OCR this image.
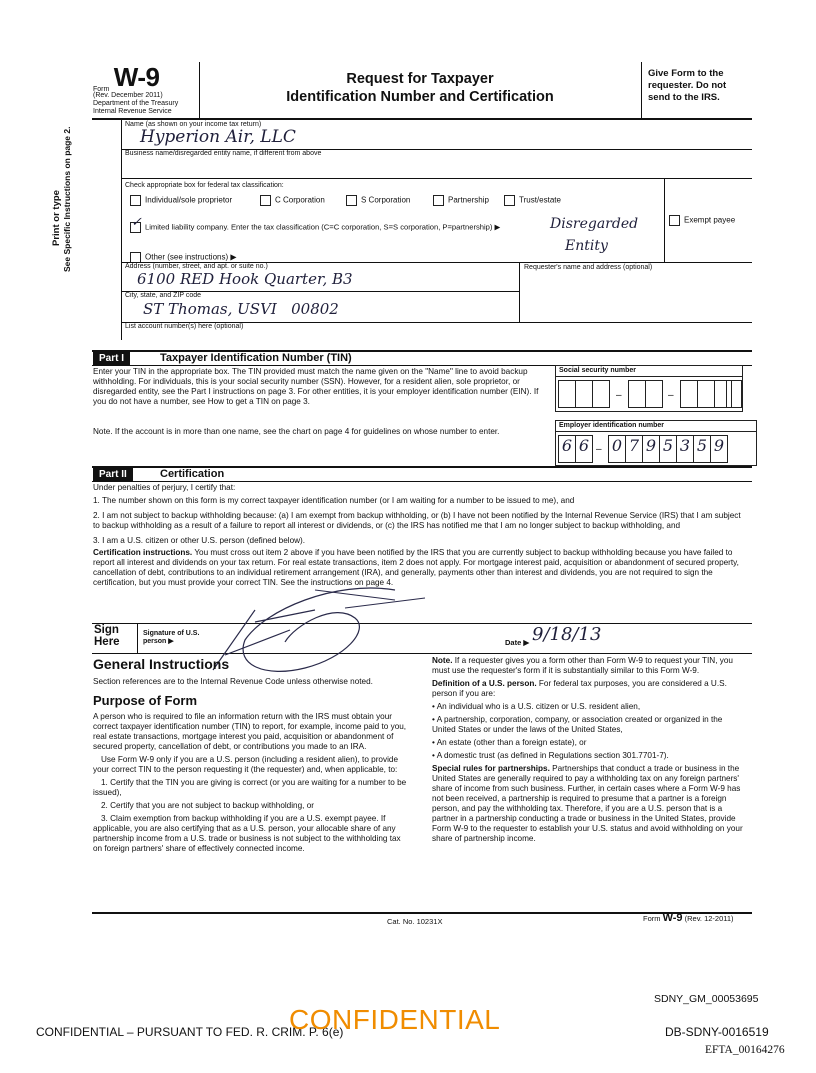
Form W-9
(Rev. December 2011)
Department of the Treasury
Internal Revenue Service
Request for Taxpayer
Identification Number and Certification
Give Form to the requester. Do not send to the IRS.
Print or type See Specific Instructions on page 2.
Name (as shown on your income tax return)
Hyperion Air, LLC
Business name/disregarded entity name, if different from above
Check appropriate box for federal tax classification:
Individual/sole proprietor	C Corporation	S Corporation	Partnership	Trust/estate
✓ Limited liability company. Enter the tax classification (C=C corporation, S=S corporation, P=partnership) ▶	Disregarded
Entity
Exempt payee
Other (see instructions) ▶
Address (number, street, and apt. or suite no.)
6100 RED Hook Quarter, B3
Requester's name and address (optional)
City, state, and ZIP code
ST Thomas, USVI   00802
List account number(s) here (optional)
Part I	Taxpayer Identification Number (TIN)
Enter your TIN in the appropriate box. The TIN provided must match the name given on the "Name" line to avoid backup withholding. For individuals, this is your social security number (SSN). However, for a resident alien, sole proprietor, or disregarded entity, see the Part I instructions on page 3. For other entities, it is your employer identification number (EIN). If you do not have a number, see How to get a TIN on page 3.
Note. If the account is in more than one name, see the chart on page 4 for guidelines on whose number to enter.
Social security number
–	–
Employer identification number
6 6 – 0 7 9 5 3 5 9
Part II	Certification
Under penalties of perjury, I certify that:
1. The number shown on this form is my correct taxpayer identification number (or I am waiting for a number to be issued to me), and
2. I am not subject to backup withholding because: (a) I am exempt from backup withholding, or (b) I have not been notified by the Internal Revenue Service (IRS) that I am subject to backup withholding as a result of a failure to report all interest or dividends, or (c) the IRS has notified me that I am no longer subject to backup withholding, and
3. I am a U.S. citizen or other U.S. person (defined below).
Certification instructions. You must cross out item 2 above if you have been notified by the IRS that you are currently subject to backup withholding because you have failed to report all interest and dividends on your tax return. For real estate transactions, item 2 does not apply. For mortgage interest paid, acquisition or abandonment of secured property, cancellation of debt, contributions to an individual retirement arrangement (IRA), and generally, payments other than interest and dividends, you are not required to sign the certification, but you must provide your correct TIN. See the instructions on page 4.
Sign
Here
Signature of U.S. person ▶	Date ▶ 9/18/13
General Instructions
Section references are to the Internal Revenue Code unless otherwise noted.
Purpose of Form
A person who is required to file an information return with the IRS must obtain your correct taxpayer identification number (TIN) to report, for example, income paid to you, real estate transactions, mortgage interest you paid, acquisition or abandonment of secured property, cancellation of debt, or contributions you made to an IRA.
Use Form W-9 only if you are a U.S. person (including a resident alien), to provide your correct TIN to the person requesting it (the requester) and, when applicable, to:
1. Certify that the TIN you are giving is correct (or you are waiting for a number to be issued),
2. Certify that you are not subject to backup withholding, or
3. Claim exemption from backup withholding if you are a U.S. exempt payee. If applicable, you are also certifying that as a U.S. person, your allocable share of any partnership income from a U.S. trade or business is not subject to the withholding tax on foreign partners' share of effectively connected income.
Note. If a requester gives you a form other than Form W-9 to request your TIN, you must use the requester's form if it is substantially similar to this Form W-9.
Definition of a U.S. person. For federal tax purposes, you are considered a U.S. person if you are:
• An individual who is a U.S. citizen or U.S. resident alien,
• A partnership, corporation, company, or association created or organized in the United States or under the laws of the United States,
• An estate (other than a foreign estate), or
• A domestic trust (as defined in Regulations section 301.7701-7).
Special rules for partnerships. Partnerships that conduct a trade or business in the United States are generally required to pay a withholding tax on any foreign partners' share of income from such business. Further, in certain cases where a Form W-9 has not been received, a partnership is required to presume that a partner is a foreign person, and pay the withholding tax. Therefore, if you are a U.S. person that is a partner in a partnership conducting a trade or business in the United States, provide Form W-9 to the requester to establish your U.S. status and avoid withholding on your share of partnership income.
Cat. No. 10231X	Form W-9 (Rev. 12-2011)
SDNY_GM_00053695
CONFIDENTIAL – PURSUANT TO FED. R. CRIM. P. 6(e)
CONFIDENTIAL	DB-SDNY-0016519
EFTA_00164276
